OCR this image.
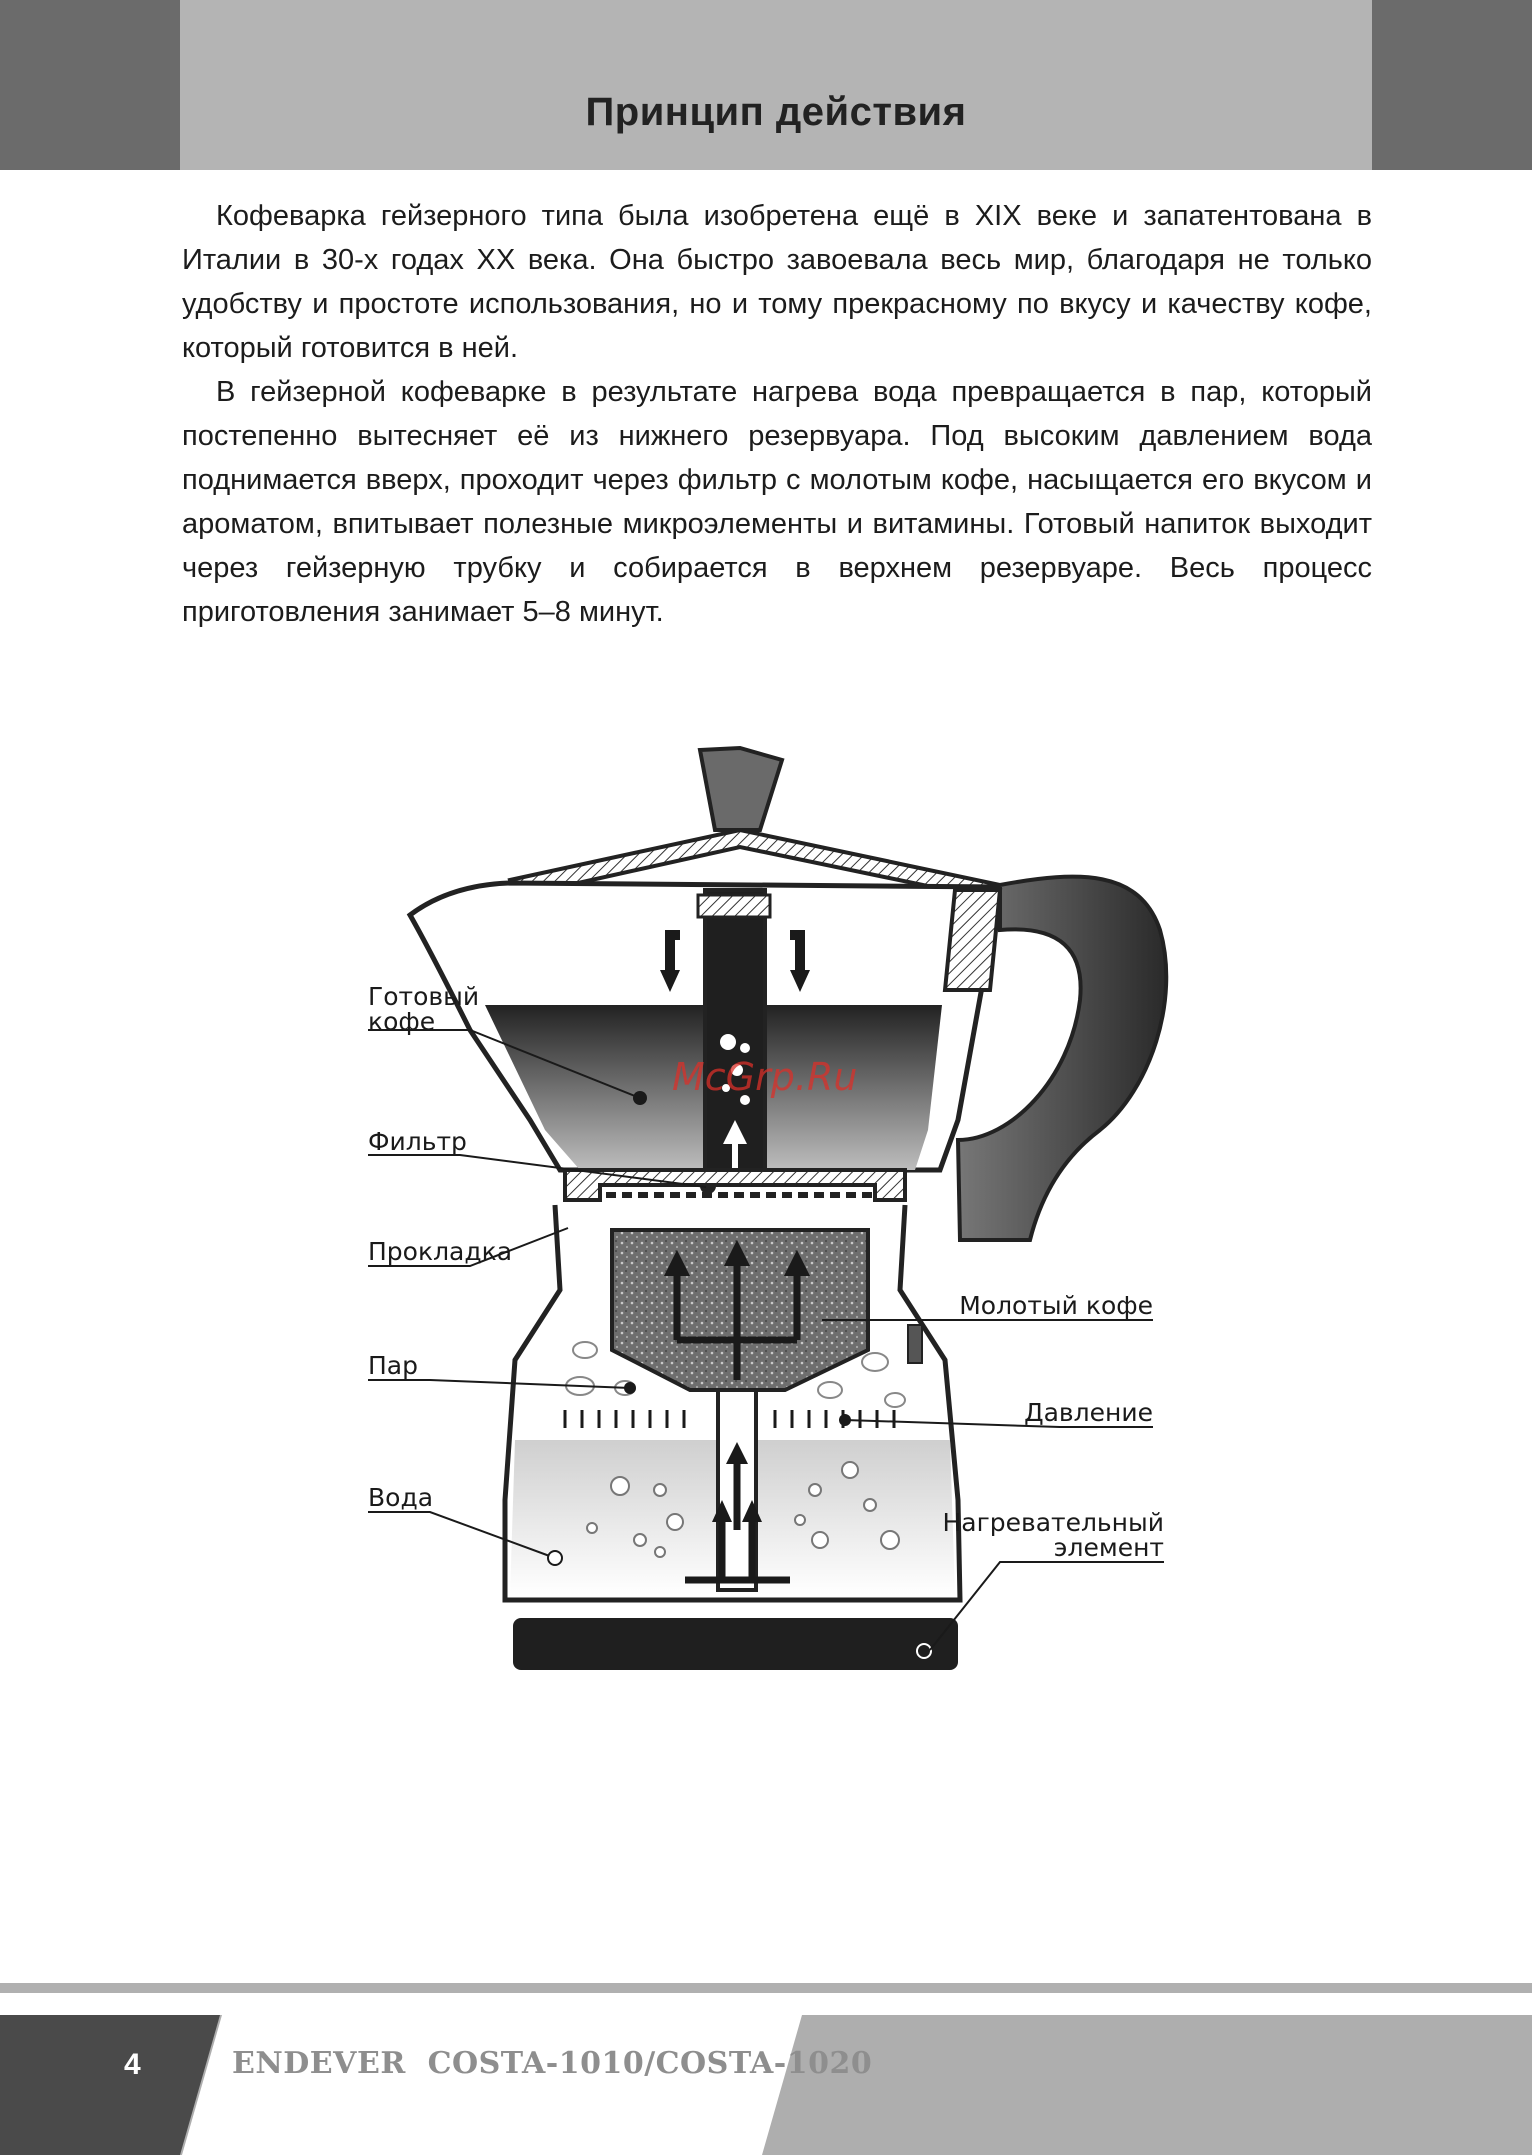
Принцип действия

Кофеварка гейзерного типа была изобретена ещё в XIX веке и запатентована в Италии в 30-х годах XX века. Она быстро завоевала весь мир, благодаря не только удобству и простоте использования, но и тому прекрасному по вкусу и качеству кофе, который готовится в ней.

В гейзерной кофеварке в результате нагрева вода превращается в пар, который постепенно вытесняет её из нижнего резервуара. Под высоким давлением вода поднимается вверх, проходит через фильтр с молотым кофе, насыщается его вкусом и ароматом, впитывает полезные микроэлементы и витамины. Готовый напиток выходит через гейзерную трубку и собирается в верхнем резервуаре. Весь процесс приготовления занимает 5–8 минут.

Готовый
кофе
Фильтр
Прокладка
Пар
Вода
Молотый кофе
Давление
Нагревательный
элемент
McGrp.Ru
4	ENDEVER  COSTA-1010/COSTA-1020
